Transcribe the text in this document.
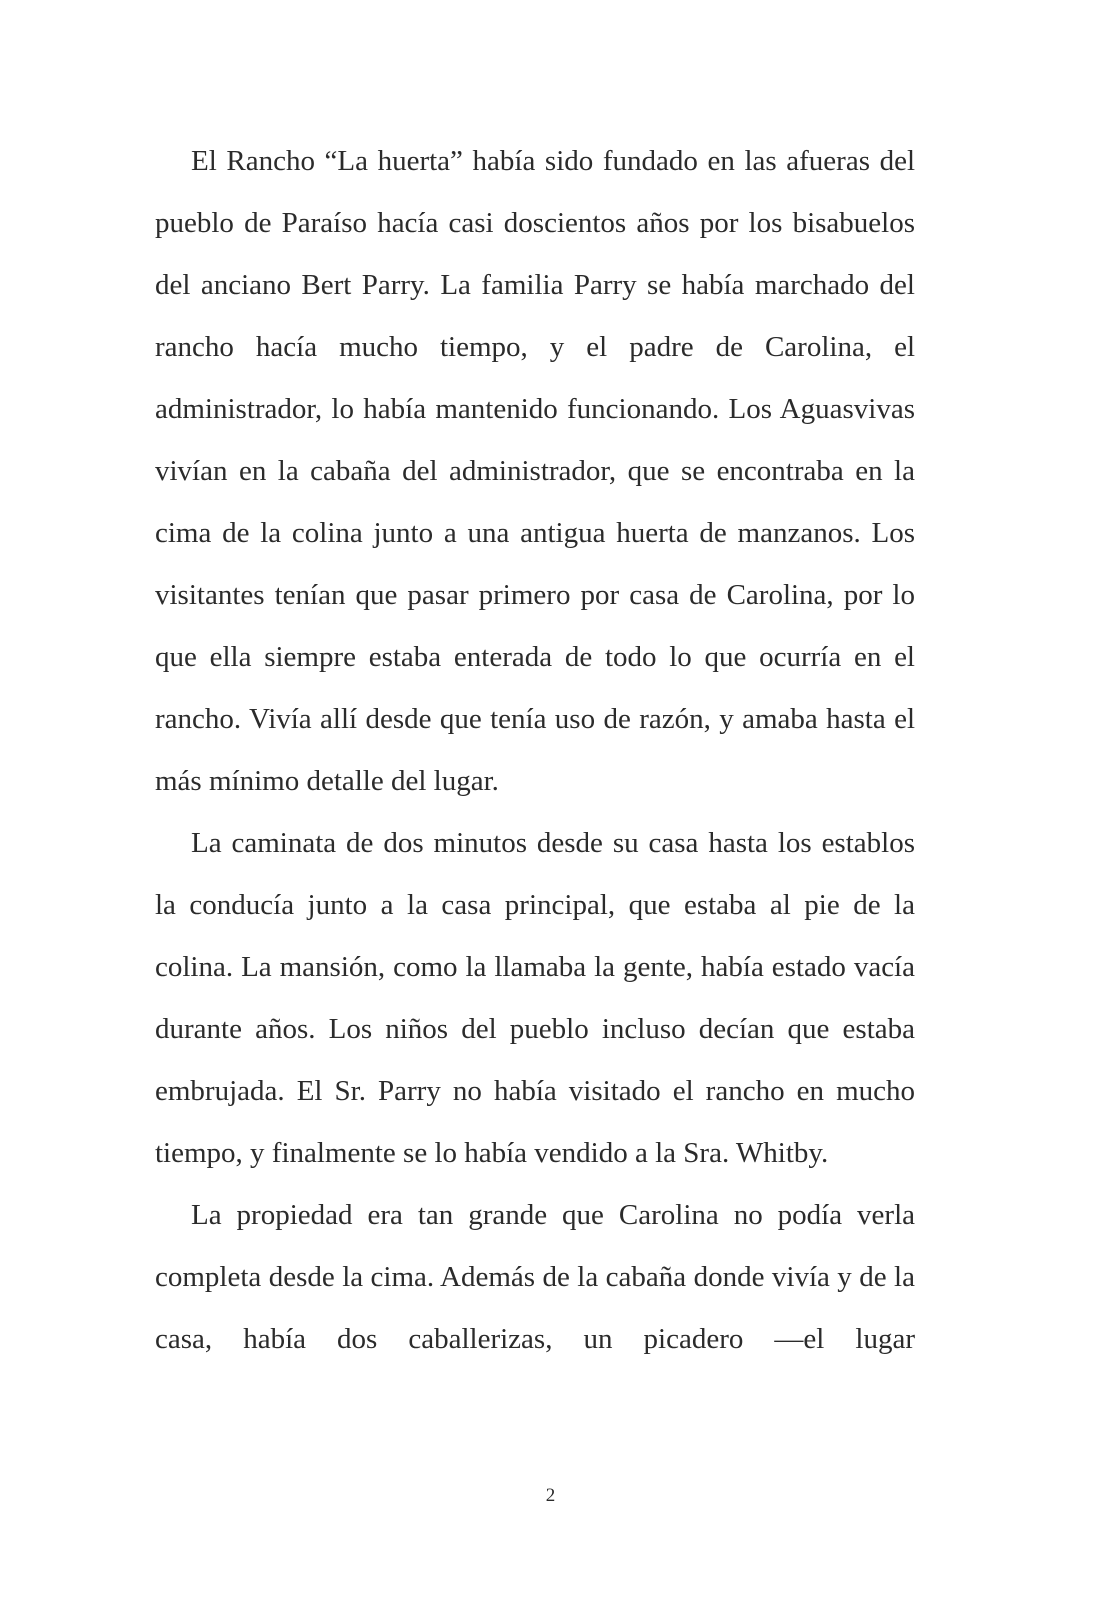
El Rancho “La huerta” había sido fundado en las afueras del pueblo de Paraíso hacía casi doscientos años por los bisabuelos del anciano Bert Parry. La familia Parry se había marchado del rancho hacía mucho tiempo, y el padre de Carolina, el administrador, lo había mantenido funcionando. Los Aguasvivas vivían en la cabaña del administrador, que se encontraba en la cima de la colina junto a una antigua huerta de manzanos. Los visitantes tenían que pasar primero por casa de Carolina, por lo que ella siempre estaba enterada de todo lo que ocurría en el rancho. Vivía allí desde que tenía uso de razón, y amaba hasta el más mínimo detalle del lugar.

La caminata de dos minutos desde su casa hasta los establos la conducía junto a la casa principal, que estaba al pie de la colina. La mansión, como la llamaba la gente, había estado vacía durante años. Los niños del pueblo incluso decían que estaba embrujada. El Sr. Parry no había visitado el rancho en mucho tiempo, y finalmente se lo había vendido a la Sra. Whitby.

La propiedad era tan grande que Carolina no podía verla completa desde la cima. Además de la cabaña donde vivía y de la casa, había dos caballerizas, un picadero —el lugar

2
